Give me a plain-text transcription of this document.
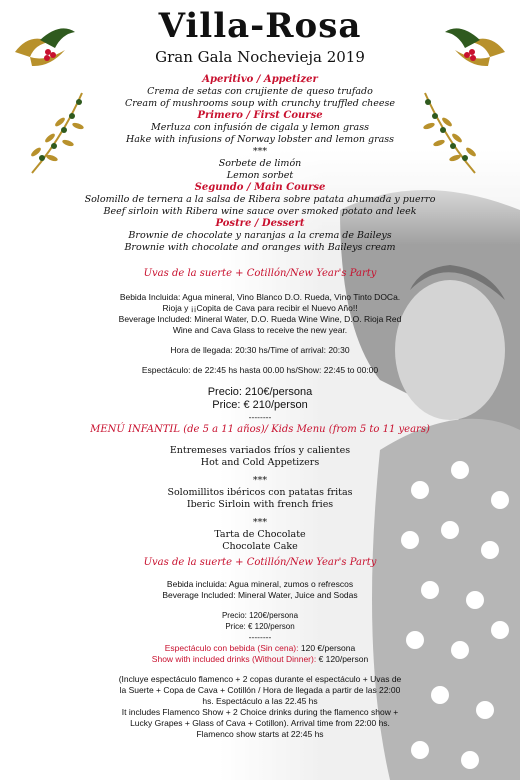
Villa-Rosa
Gran Gala Nochevieja 2019
Aperitivo / Appetizer
Crema de setas con crujiente de queso trufado
Cream of mushrooms soup with crunchy truffled cheese
Primero / First Course
Merluza con infusión de cigala y lemon grass
Hake with infusions of Norway lobster and lemon grass
***
Sorbete de limón
Lemon sorbet
Segundo / Main Course
Solomillo de ternera a la salsa de Ribera sobre patata ahumada y puerro
Beef sirloin with Ribera wine sauce over smoked potato and leek
Postre / Dessert
Brownie de chocolate y naranjas a la crema de Baileys
Brownie with chocolate and oranges with Baileys cream
Uvas de la suerte + Cotillón/New Year's Party
Bebida Incluida: Agua mineral, Vino Blanco D.O. Rueda, Vino Tinto DOCa.
Rioja y ¡¡Copita de Cava para recibir el Nuevo Año!!
Beverage Included: Mineral Water, D.O. Rueda Wine Wine, D.O. Rioja Red
Wine and Cava Glass to receive the new year.
Hora de llegada: 20:30 hs/Time of arrival: 20:30
Espectáculo: de 22:45 hs hasta 00.00 hs/Show: 22:45 to 00:00
Precio: 210€/persona
Price: € 210/person
--------
MENÚ INFANTIL (de 5 a 11 años)/ Kids Menu (from 5 to 11 years)
Entremeses variados fríos y calientes
Hot and Cold Appetizers
***
Solomillitos ibéricos con patatas fritas
Iberic Sirloin with french fries
***
Tarta de Chocolate
Chocolate Cake
Uvas de la suerte + Cotillón/New Year's Party
Bebida incluida: Agua mineral, zumos o refrescos
Beverage Included: Mineral Water, Juice and Sodas
Precio: 120€/persona
Price: € 120/person
--------
Espectáculo con bebida (Sin cena): 120 €/persona
Show with included drinks (Without Dinner): € 120/person
(Incluye espectáculo flamenco + 2 copas durante el espectáculo + Uvas de
la Suerte + Copa de Cava + Cotillón / Hora de llegada a partir de las 22:00
hs. Espectáculo a las 22.45 hs
It includes Flamenco Show + 2 Choice drinks during the flamenco show +
Lucky Grapes + Glass of Cava + Cotillon). Arrival time from 22:00 hs.
Flamenco show starts at 22:45 hs
